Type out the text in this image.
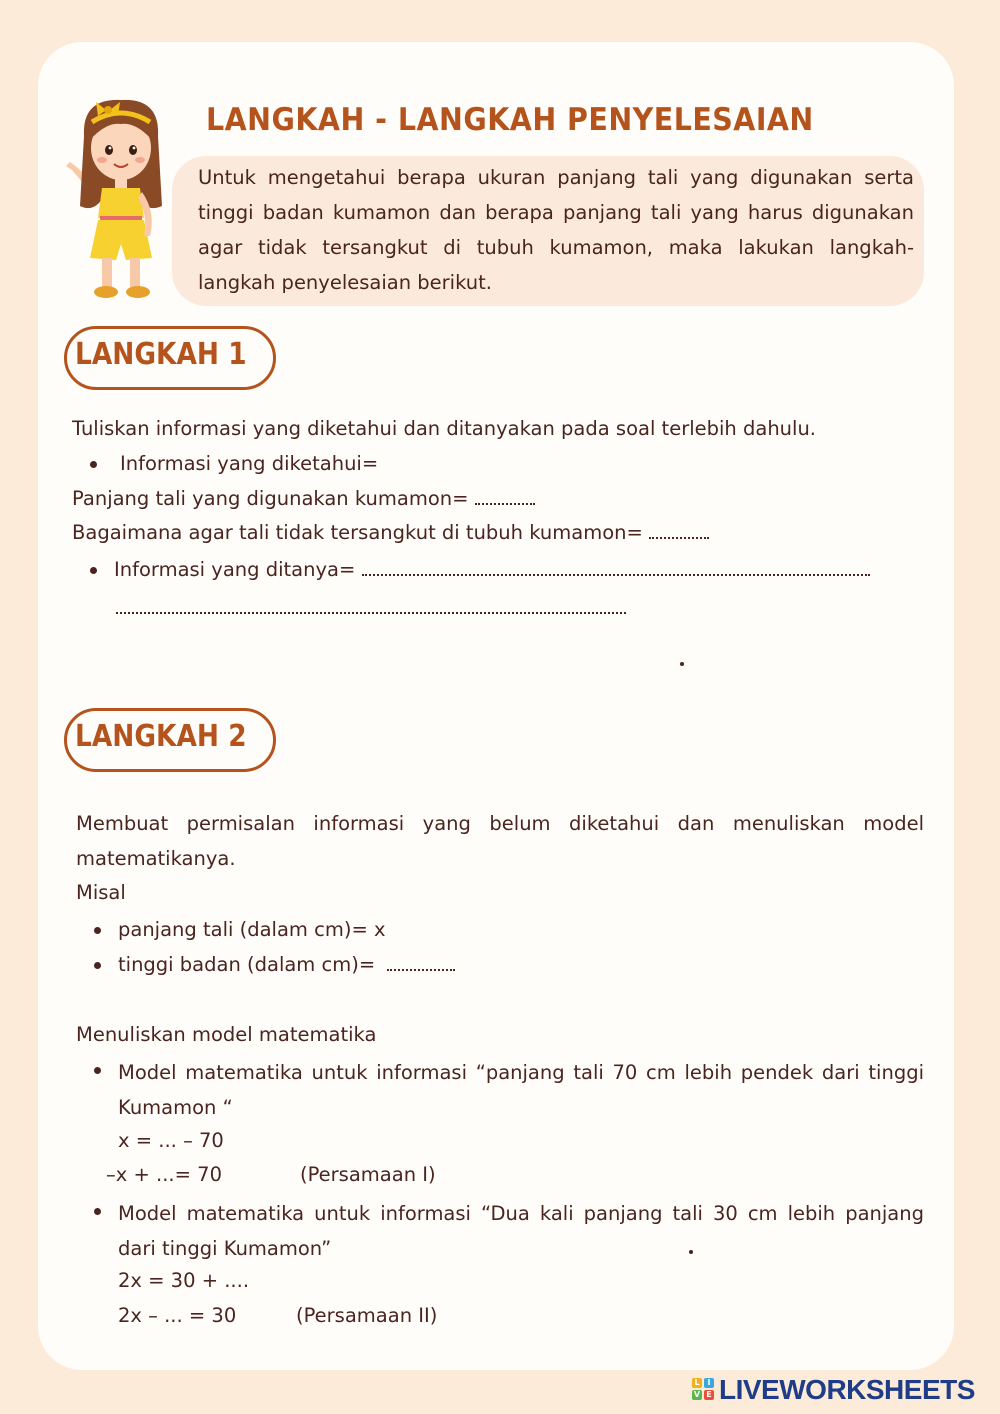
LANGKAH - LANGKAH PENYELESAIAN
Untuk mengetahui berapa ukuran panjang tali yang digunakan serta tinggi badan kumamon dan berapa panjang tali yang harus digunakan agar tidak tersangkut di tubuh kumamon, maka lakukan langkah-langkah penyelesaian berikut.
LANGKAH 1
Tuliskan informasi yang diketahui dan ditanyakan pada soal terlebih dahulu.
Informasi yang diketahui=
Panjang tali yang digunakan kumamon=
Bagaimana agar tali tidak tersangkut di tubuh kumamon=
Informasi yang ditanya=
LANGKAH 2
Membuat permisalan informasi yang belum diketahui dan menuliskan model matematikanya.
Misal
panjang tali (dalam cm)= x
tinggi badan (dalam cm)=
Menuliskan model matematika
Model matematika untuk informasi “panjang tali 70 cm lebih pendek dari tinggi Kumamon “
x = ... – 70
–x + ...= 70	(Persamaan I)
Model matematika untuk informasi “Dua kali panjang tali 30 cm lebih panjang dari tinggi Kumamon”
2x = 30 + ....
2x – ... = 30	(Persamaan II)
L I
V E LIVEWORKSHEETS
